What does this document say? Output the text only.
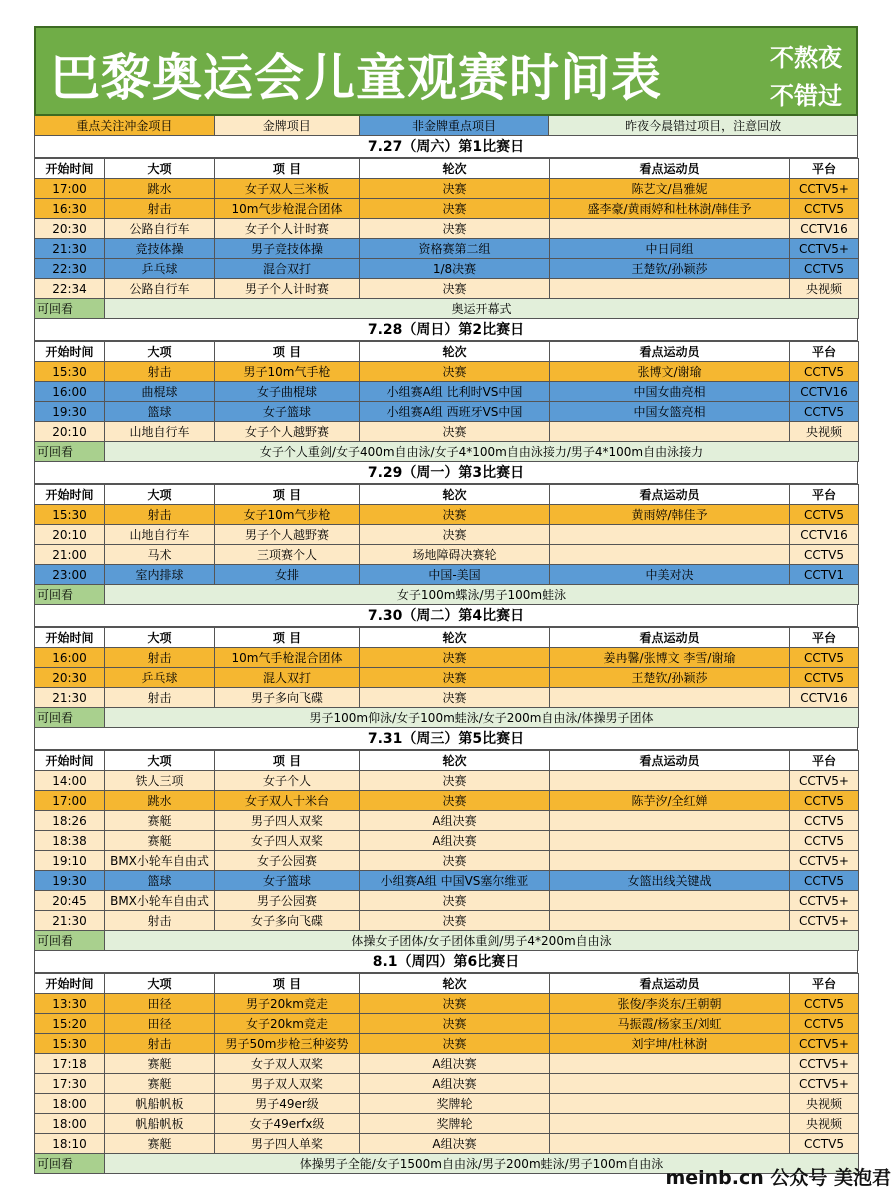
巴黎奥运会儿童观赛时间表	不熬夜
不错过
重点关注冲金项目	金牌项目	非金牌重点项目	昨夜今晨错过项目，注意回放
7.27（周六）第1比赛日
开始时间	大项	项 目	轮次	看点运动员	平台
17:00	跳水	女子双人三米板	决赛	陈艺文/昌雅妮	CCTV5+
16:30	射击	10m气步枪混合团体	决赛	盛李豪/黄雨婷和杜林澍/韩佳予	CCTV5
20:30	公路自行车	女子个人计时赛	决赛		CCTV16
21:30	竞技体操	男子竞技体操	资格赛第二组	中日同组	CCTV5+
22:30	乒乓球	混合双打	1/8决赛	王楚钦/孙颖莎	CCTV5
22:34	公路自行车	男子个人计时赛	决赛		央视频
可回看	奥运开幕式				
7.28（周日）第2比赛日
开始时间	大项	项 目	轮次	看点运动员	平台
15:30	射击	男子10m气手枪	决赛	张博文/谢瑜	CCTV5
16:00	曲棍球	女子曲棍球	小组赛A组 比利时VS中国	中国女曲亮相	CCTV16
19:30	篮球	女子篮球	小组赛A组 西班牙VS中国	中国女篮亮相	CCTV5
20:10	山地自行车	女子个人越野赛	决赛		央视频
可回看	女子个人重剑/女子400m自由泳/女子4*100m自由泳接力/男子4*100m自由泳接力				
7.29（周一）第3比赛日
开始时间	大项	项 目	轮次	看点运动员	平台
15:30	射击	女子10m气步枪	决赛	黄雨婷/韩佳予	CCTV5
20:10	山地自行车	男子个人越野赛	决赛		CCTV16
21:00	马术	三项赛个人	场地障碍决赛轮		CCTV5
23:00	室内排球	女排	中国-美国	中美对决	CCTV1
可回看	女子100m蝶泳/男子100m蛙泳				
7.30（周二）第4比赛日
开始时间	大项	项 目	轮次	看点运动员	平台
16:00	射击	10m气手枪混合团体	决赛	姜冉馨/张博文 李雪/谢瑜	CCTV5
20:30	乒乓球	混人双打	决赛	王楚钦/孙颖莎	CCTV5
21:30	射击	男子多向飞碟	决赛		CCTV16
可回看	男子100m仰泳/女子100m蛙泳/女子200m自由泳/体操男子团体				
7.31（周三）第5比赛日
开始时间	大项	项 目	轮次	看点运动员	平台
14:00	铁人三项	女子个人	决赛		CCTV5+
17:00	跳水	女子双人十米台	决赛	陈芋汐/全红婵	CCTV5
18:26	赛艇	男子四人双桨	A组决赛		CCTV5
18:38	赛艇	女子四人双桨	A组决赛		CCTV5
19:10	BMX小轮车自由式	女子公园赛	决赛		CCTV5+
19:30	篮球	女子篮球	小组赛A组 中国VS塞尔维亚	女篮出线关键战	CCTV5
20:45	BMX小轮车自由式	男子公园赛	决赛		CCTV5+
21:30	射击	女子多向飞碟	决赛		CCTV5+
可回看	体操女子团体/女子团体重剑/男子4*200m自由泳				
8.1（周四）第6比赛日
开始时间	大项	项 目	轮次	看点运动员	平台
13:30	田径	男子20km竞走	决赛	张俊/李炎东/王朝朝	CCTV5
15:20	田径	女子20km竞走	决赛	马振霞/杨家玉/刘虹	CCTV5
15:30	射击	男子50m步枪三种姿势	决赛	刘宇坤/杜林澍	CCTV5+
17:18	赛艇	女子双人双桨	A组决赛		CCTV5+
17:30	赛艇	男子双人双桨	A组决赛		CCTV5+
18:00	帆船帆板	男子49er级	奖牌轮		央视频
18:00	帆船帆板	女子49erfx级	奖牌轮		央视频
18:10	赛艇	男子四人单桨	A组决赛		CCTV5
可回看	体操男子全能/女子1500m自由泳/男子200m蛙泳/男子100m自由泳				
meinb.cn 公众号 美泡君
